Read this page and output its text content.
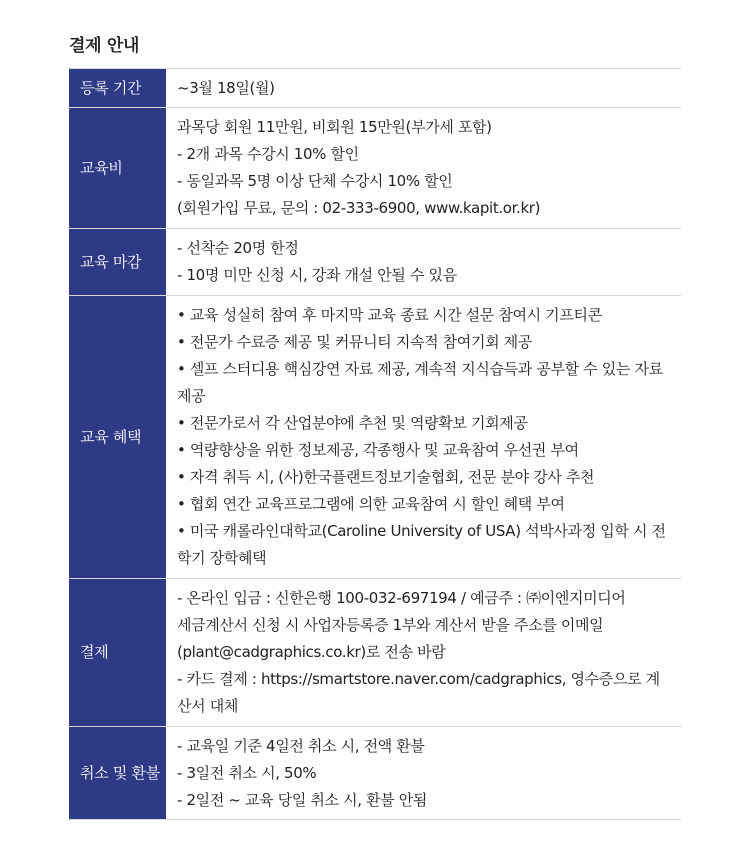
결제 안내
등록 기간	~3월 18일(월)
교육비
과목당 회원 11만원, 비회원 15만원(부가세 포함)
- 2개 과목 수강시 10% 할인
- 동일과목 5명 이상 단체 수강시 10% 할인
(회원가입 무료, 문의 : 02-333-6900, www.kapit.or.kr)
교육 마감
- 선착순 20명 한정
- 10명 미만 신청 시, 강좌 개설 안될 수 있음
교육 혜택
• 교육 성실히 참여 후 마지막 교육 종료 시간 설문 참여시 기프티콘
• 전문가 수료증 제공 및 커뮤니티 지속적 참여기회 제공
• 셀프 스터디용 핵심강연 자료 제공, 계속적 지식습득과 공부할 수 있는 자료 제공
• 전문가로서 각 산업분야에 추천 및 역량확보 기회제공
• 역량향상을 위한 정보제공, 각종행사 및 교육참여 우선권 부여
• 자격 취득 시, (사)한국플랜트정보기술협회, 전문 분야 강사 추천
• 협회 연간 교육프로그램에 의한 교육참여 시 할인 혜택 부여
• 미국 캐롤라인대학교(Caroline University of USA) 석박사과정 입학 시 전학기 장학혜택
결제
- 온라인 입금 : 신한은행 100-032-697194 / 예금주 : ㈜이엔지미디어
세금계산서 신청 시 사업자등록증 1부와 계산서 받을 주소를 이메일 (plant@cadgraphics.co.kr)로 전송 바람
- 카드 결제 : https://smartstore.naver.com/cadgraphics, 영수증으로 계산서 대체
취소 및 환불
- 교육일 기준 4일전 취소 시, 전액 환불
- 3일전 취소 시, 50%
- 2일전 ~ 교육 당일 취소 시, 환불 안됨
